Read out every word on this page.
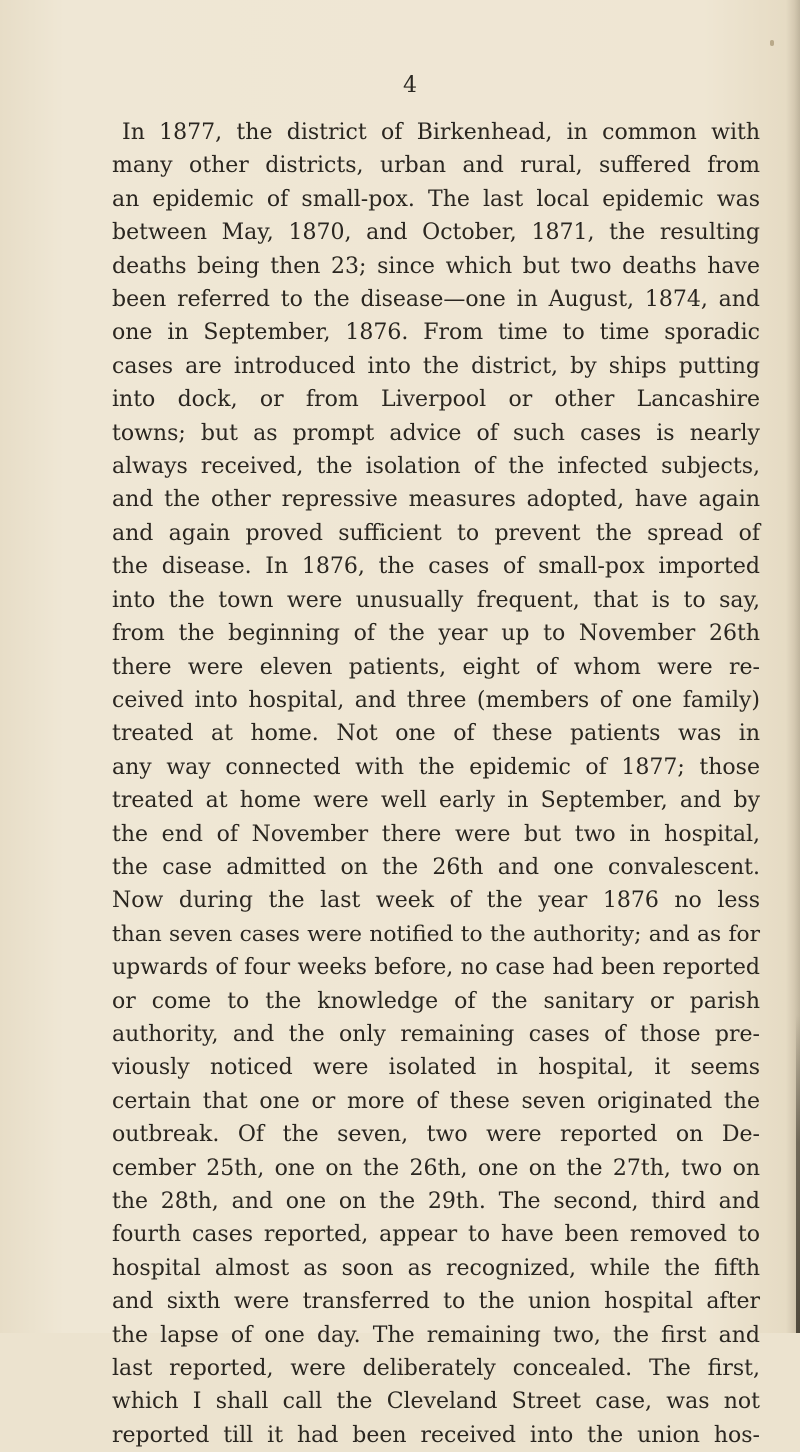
4
In 1877, the district of Birkenhead, in common with
many other districts, urban and rural, suffered from
an epidemic of small-pox. The last local epidemic was
between May, 1870, and October, 1871, the resulting
deaths being then 23; since which but two deaths have
been referred to the disease—one in August, 1874, and
one in September, 1876. From time to time sporadic
cases are introduced into the district, by ships putting
into dock, or from Liverpool or other Lancashire
towns; but as prompt advice of such cases is nearly
always received, the isolation of the infected subjects,
and the other repressive measures adopted, have again
and again proved sufficient to prevent the spread of
the disease. In 1876, the cases of small-pox imported
into the town were unusually frequent, that is to say,
from the beginning of the year up to November 26th
there were eleven patients, eight of whom were re-
ceived into hospital, and three (members of one family)
treated at home. Not one of these patients was in
any way connected with the epidemic of 1877; those
treated at home were well early in September, and by
the end of November there were but two in hospital,
the case admitted on the 26th and one convalescent.
Now during the last week of the year 1876 no less
than seven cases were notified to the authority; and as for
upwards of four weeks before, no case had been reported
or come to the knowledge of the sanitary or parish
authority, and the only remaining cases of those pre-
viously noticed were isolated in hospital, it seems
certain that one or more of these seven originated the
outbreak. Of the seven, two were reported on De-
cember 25th, one on the 26th, one on the 27th, two on
the 28th, and one on the 29th. The second, third and
fourth cases reported, appear to have been removed to
hospital almost as soon as recognized, while the fifth
and sixth were transferred to the union hospital after
the lapse of one day. The remaining two, the first and
last reported, were deliberately concealed. The first,
which I shall call the Cleveland Street case, was not
reported till it had been received into the union hos-
